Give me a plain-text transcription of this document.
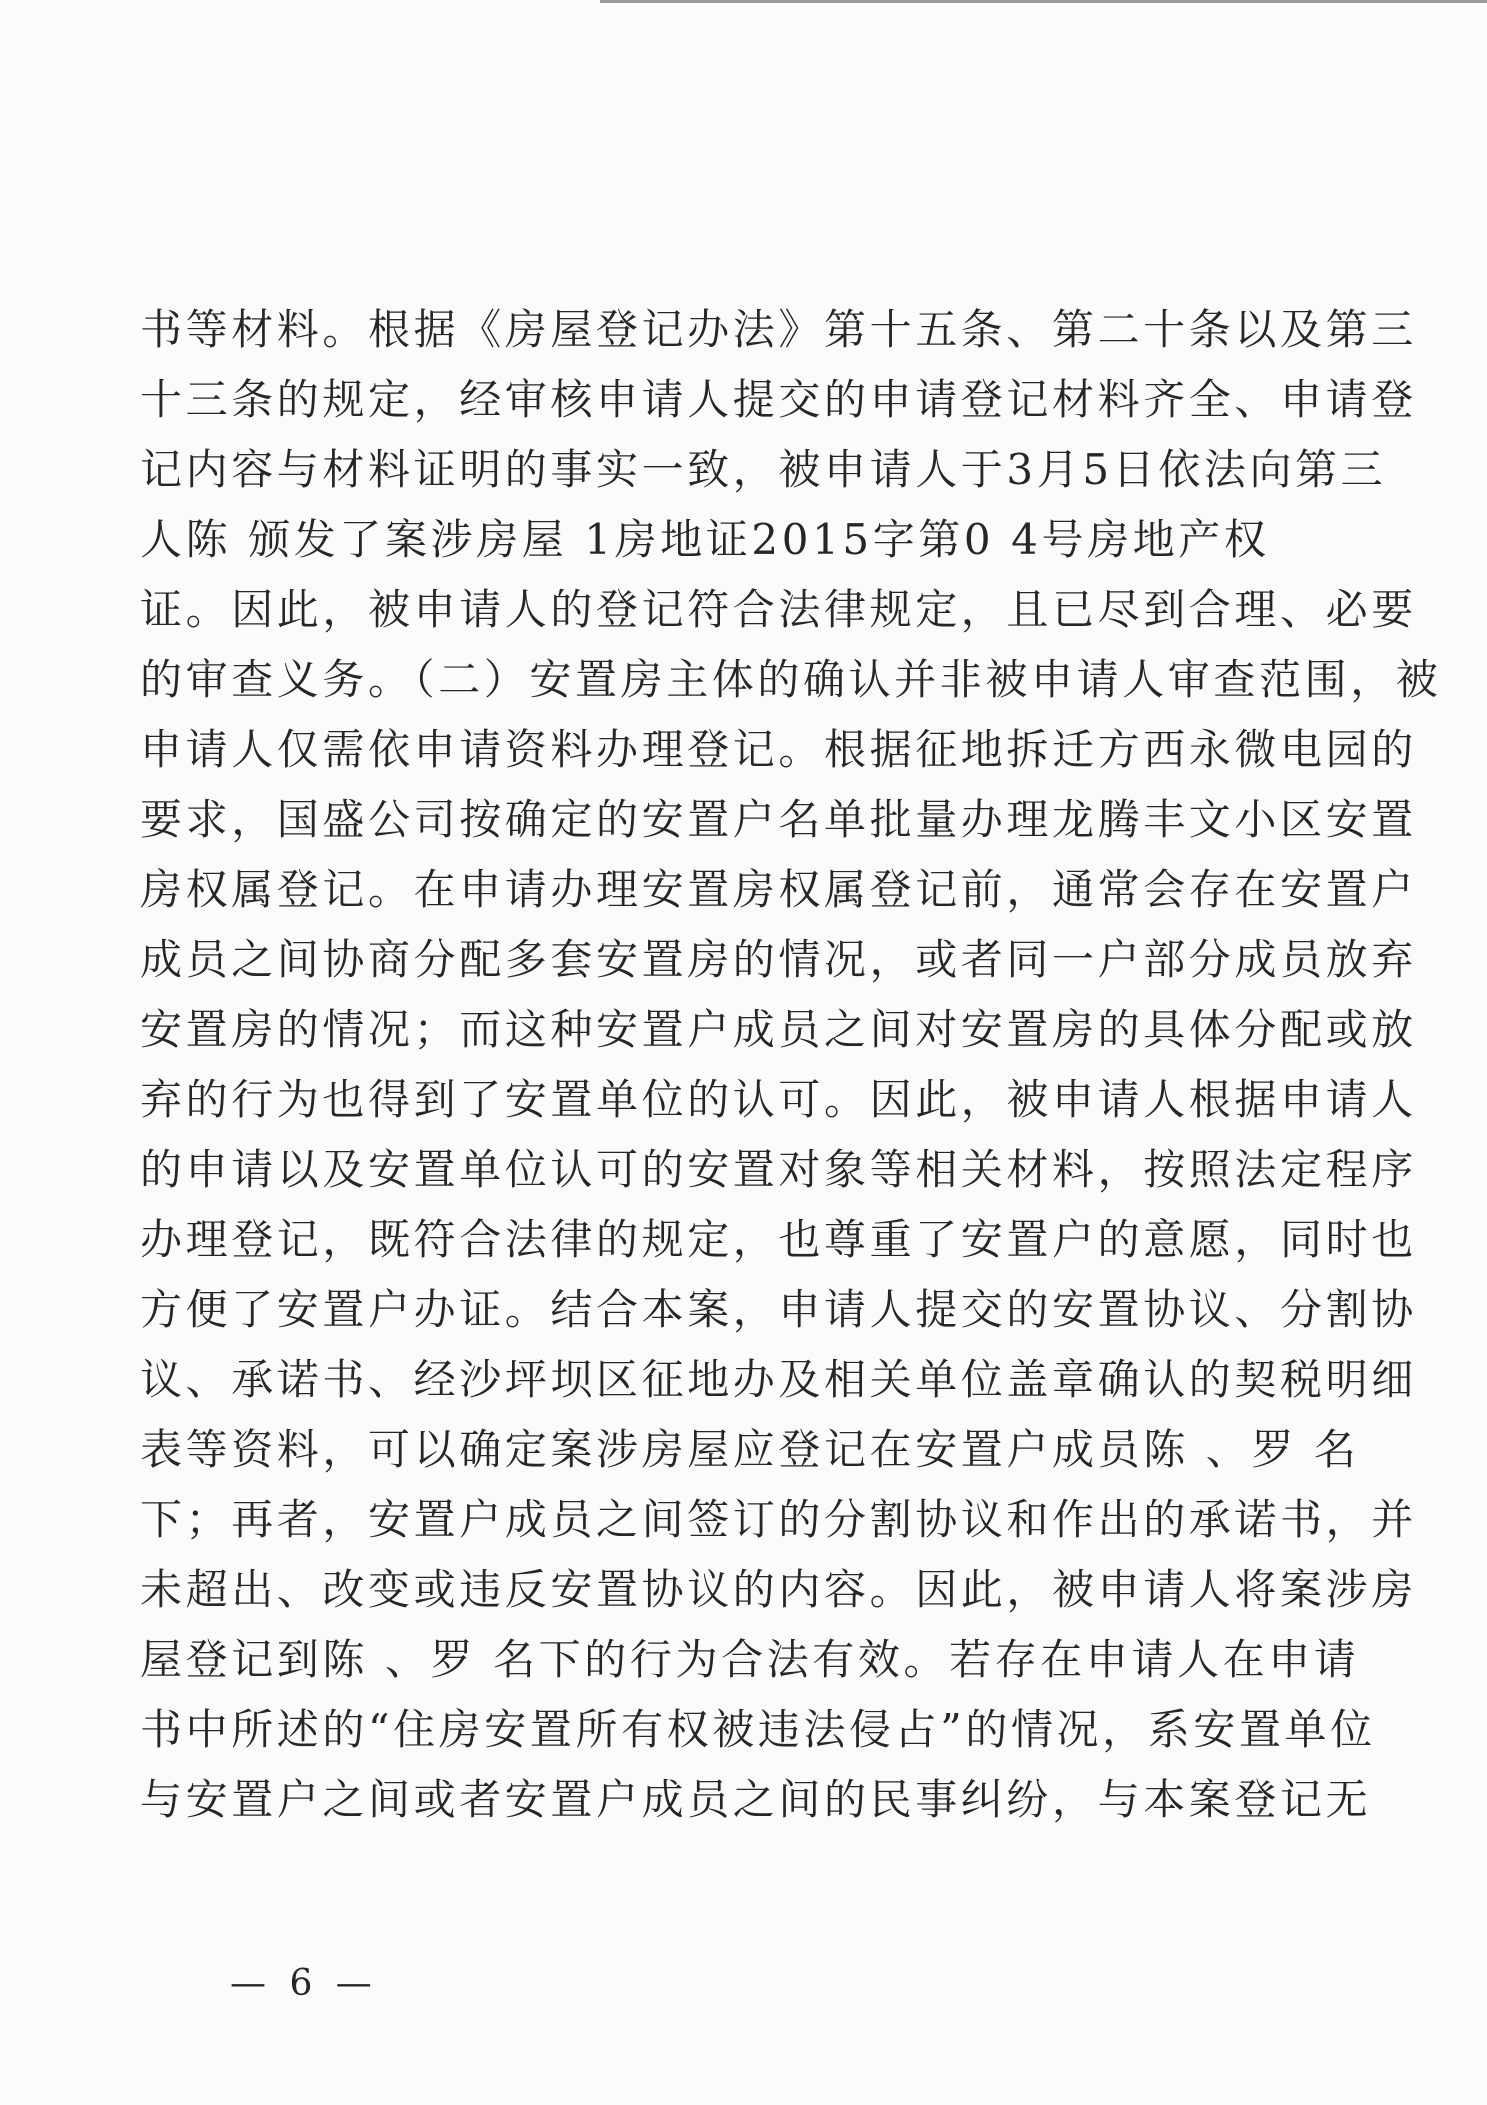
书等材料。根据《房屋登记办法》第十五条、第二十条以及第三
十三条的规定，经审核申请人提交的申请登记材料齐全、申请登
记内容与材料证明的事实一致，被申请人于3月5日依法向第三
人陈 颁发了案涉房屋 1房地证2015字第0 4号房地产权
证。因此，被申请人的登记符合法律规定，且已尽到合理、必要
的审查义务。（二）安置房主体的确认并非被申请人审查范围，被
申请人仅需依申请资料办理登记。根据征地拆迁方西永微电园的
要求，国盛公司按确定的安置户名单批量办理龙腾丰文小区安置
房权属登记。在申请办理安置房权属登记前，通常会存在安置户
成员之间协商分配多套安置房的情况，或者同一户部分成员放弃
安置房的情况；而这种安置户成员之间对安置房的具体分配或放
弃的行为也得到了安置单位的认可。因此，被申请人根据申请人
的申请以及安置单位认可的安置对象等相关材料，按照法定程序
办理登记，既符合法律的规定，也尊重了安置户的意愿，同时也
方便了安置户办证。结合本案，申请人提交的安置协议、分割协
议、承诺书、经沙坪坝区征地办及相关单位盖章确认的契税明细
表等资料，可以确定案涉房屋应登记在安置户成员陈 、罗 名
下；再者，安置户成员之间签订的分割协议和作出的承诺书，并
未超出、改变或违反安置协议的内容。因此，被申请人将案涉房
屋登记到陈 、罗 名下的行为合法有效。若存在申请人在申请
书中所述的“住房安置所有权被违法侵占”的情况，系安置单位
与安置户之间或者安置户成员之间的民事纠纷，与本案登记无
— 6 —
